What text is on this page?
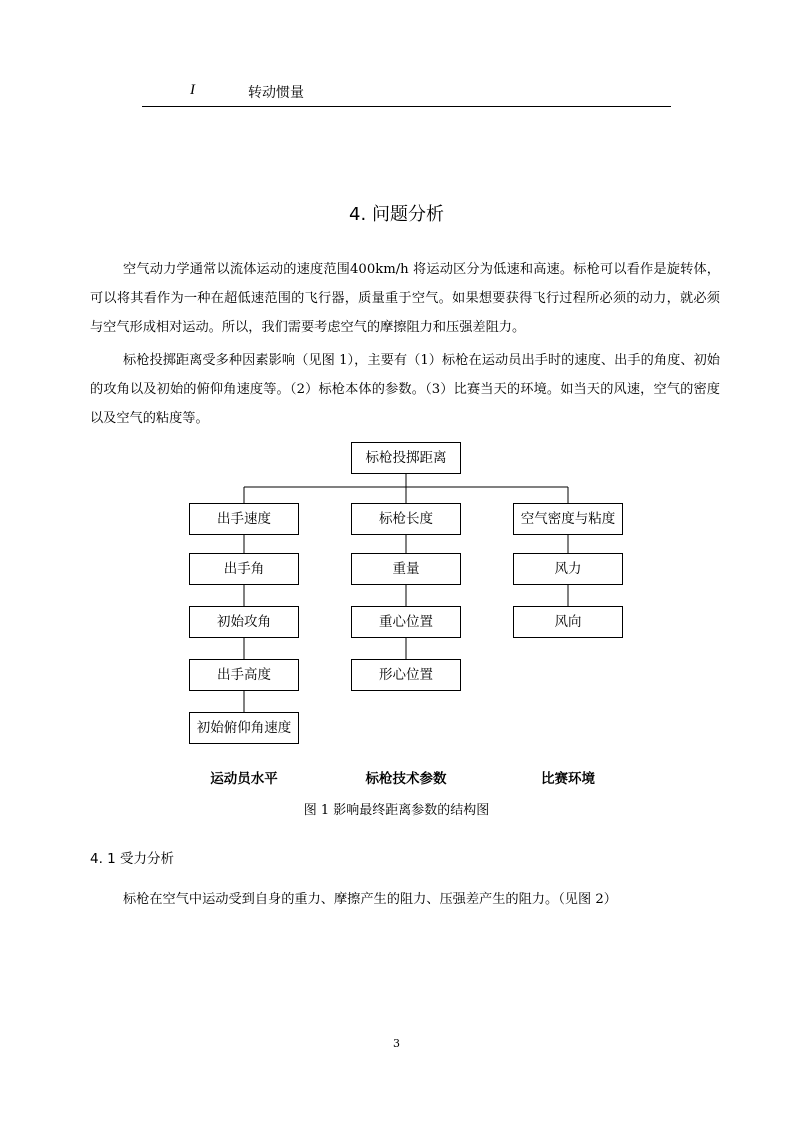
I	转动惯量
4. 问题分析

空气动力学通常以流体运动的速度范围400km/h 将运动区分为低速和高速。标枪可以看作是旋转体，可以将其看作为一种在超低速范围的飞行器，质量重于空气。如果想要获得飞行过程所必须的动力，就必须与空气形成相对运动。所以，我们需要考虑空气的摩擦阻力和压强差阻力。

标枪投掷距离受多种因素影响（见图 1），主要有（1）标枪在运动员出手时的速度、出手的角度、初始的攻角以及初始的俯仰角速度等。（2）标枪本体的参数。（3）比赛当天的环境。如当天的风速，空气的密度以及空气的粘度等。

标枪投掷距离
出手速度
出手角
初始攻角
出手高度
初始俯仰角速度
标枪长度
重量
重心位置
形心位置
空气密度与粘度
风力
风向
运动员水平	标枪技术参数	比赛环境
图 1 影响最终距离参数的结构图
4. 1 受力分析

标枪在空气中运动受到自身的重力、摩擦产生的阻力、压强差产生的阻力。（见图 2）

3
